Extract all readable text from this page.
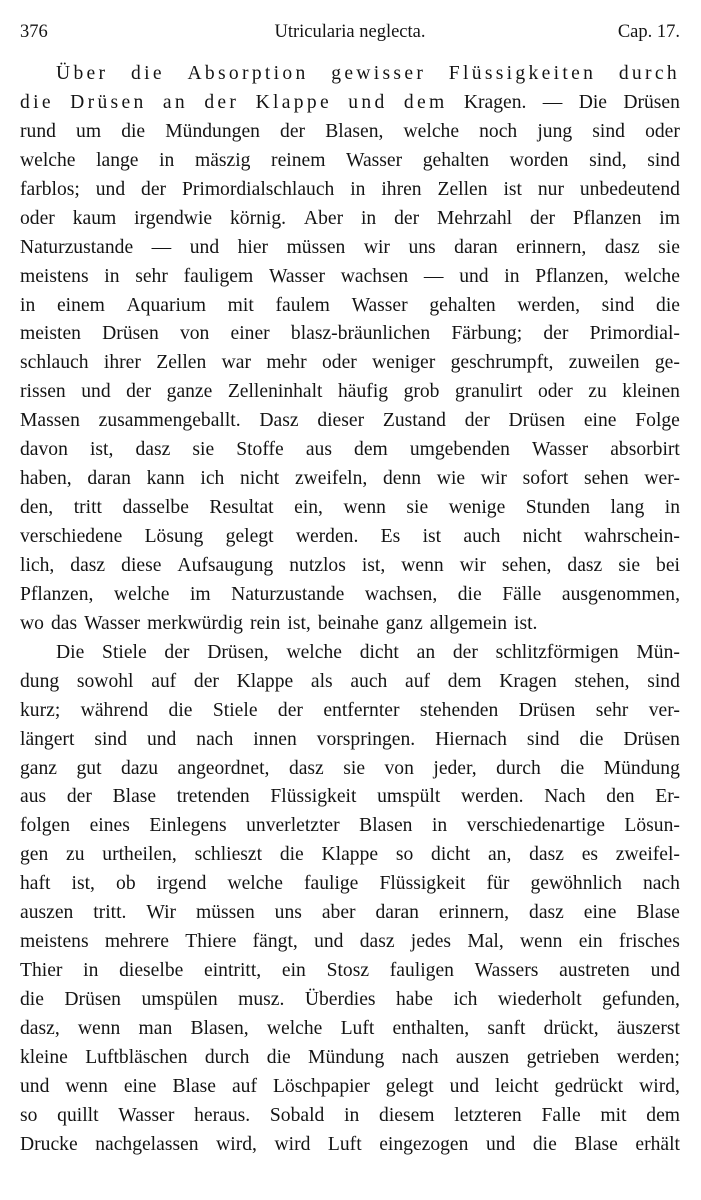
376	Utricularia neglecta.	Cap. 17.
Über die Absorption gewisser Flüssigkeiten durch
die Drüsen an der Klappe und dem Kragen. — Die Drüsen
rund um die Mündungen der Blasen, welche noch jung sind oder
welche lange in mäszig reinem Wasser gehalten worden sind, sind
farblos; und der Primordialschlauch in ihren Zellen ist nur unbedeutend
oder kaum irgendwie körnig. Aber in der Mehrzahl der Pflanzen im
Naturzustande — und hier müssen wir uns daran erinnern, dasz sie
meistens in sehr fauligem Wasser wachsen — und in Pflanzen, welche
in einem Aquarium mit faulem Wasser gehalten werden, sind die
meisten Drüsen von einer blasz-bräunlichen Färbung; der Primordial-
schlauch ihrer Zellen war mehr oder weniger geschrumpft, zuweilen ge-
rissen und der ganze Zelleninhalt häufig grob granulirt oder zu kleinen
Massen zusammengeballt. Dasz dieser Zustand der Drüsen eine Folge
davon ist, dasz sie Stoffe aus dem umgebenden Wasser absorbirt
haben, daran kann ich nicht zweifeln, denn wie wir sofort sehen wer-
den, tritt dasselbe Resultat ein, wenn sie wenige Stunden lang in
verschiedene Lösung gelegt werden. Es ist auch nicht wahrschein-
lich, dasz diese Aufsaugung nutzlos ist, wenn wir sehen, dasz sie bei
Pflanzen, welche im Naturzustande wachsen, die Fälle ausgenommen,
wo das Wasser merkwürdig rein ist, beinahe ganz allgemein ist.
Die Stiele der Drüsen, welche dicht an der schlitzförmigen Mün-
dung sowohl auf der Klappe als auch auf dem Kragen stehen, sind
kurz; während die Stiele der entfernter stehenden Drüsen sehr ver-
längert sind und nach innen vorspringen. Hiernach sind die Drüsen
ganz gut dazu angeordnet, dasz sie von jeder, durch die Mündung
aus der Blase tretenden Flüssigkeit umspült werden. Nach den Er-
folgen eines Einlegens unverletzter Blasen in verschiedenartige Lösun-
gen zu urtheilen, schlieszt die Klappe so dicht an, dasz es zweifel-
haft ist, ob irgend welche faulige Flüssigkeit für gewöhnlich nach
auszen tritt. Wir müssen uns aber daran erinnern, dasz eine Blase
meistens mehrere Thiere fängt, und dasz jedes Mal, wenn ein frisches
Thier in dieselbe eintritt, ein Stosz fauligen Wassers austreten und
die Drüsen umspülen musz. Überdies habe ich wiederholt gefunden,
dasz, wenn man Blasen, welche Luft enthalten, sanft drückt, äuszerst
kleine Luftbläschen durch die Mündung nach auszen getrieben werden;
und wenn eine Blase auf Löschpapier gelegt und leicht gedrückt wird,
so quillt Wasser heraus. Sobald in diesem letzteren Falle mit dem
Drucke nachgelassen wird, wird Luft eingezogen und die Blase erhält
